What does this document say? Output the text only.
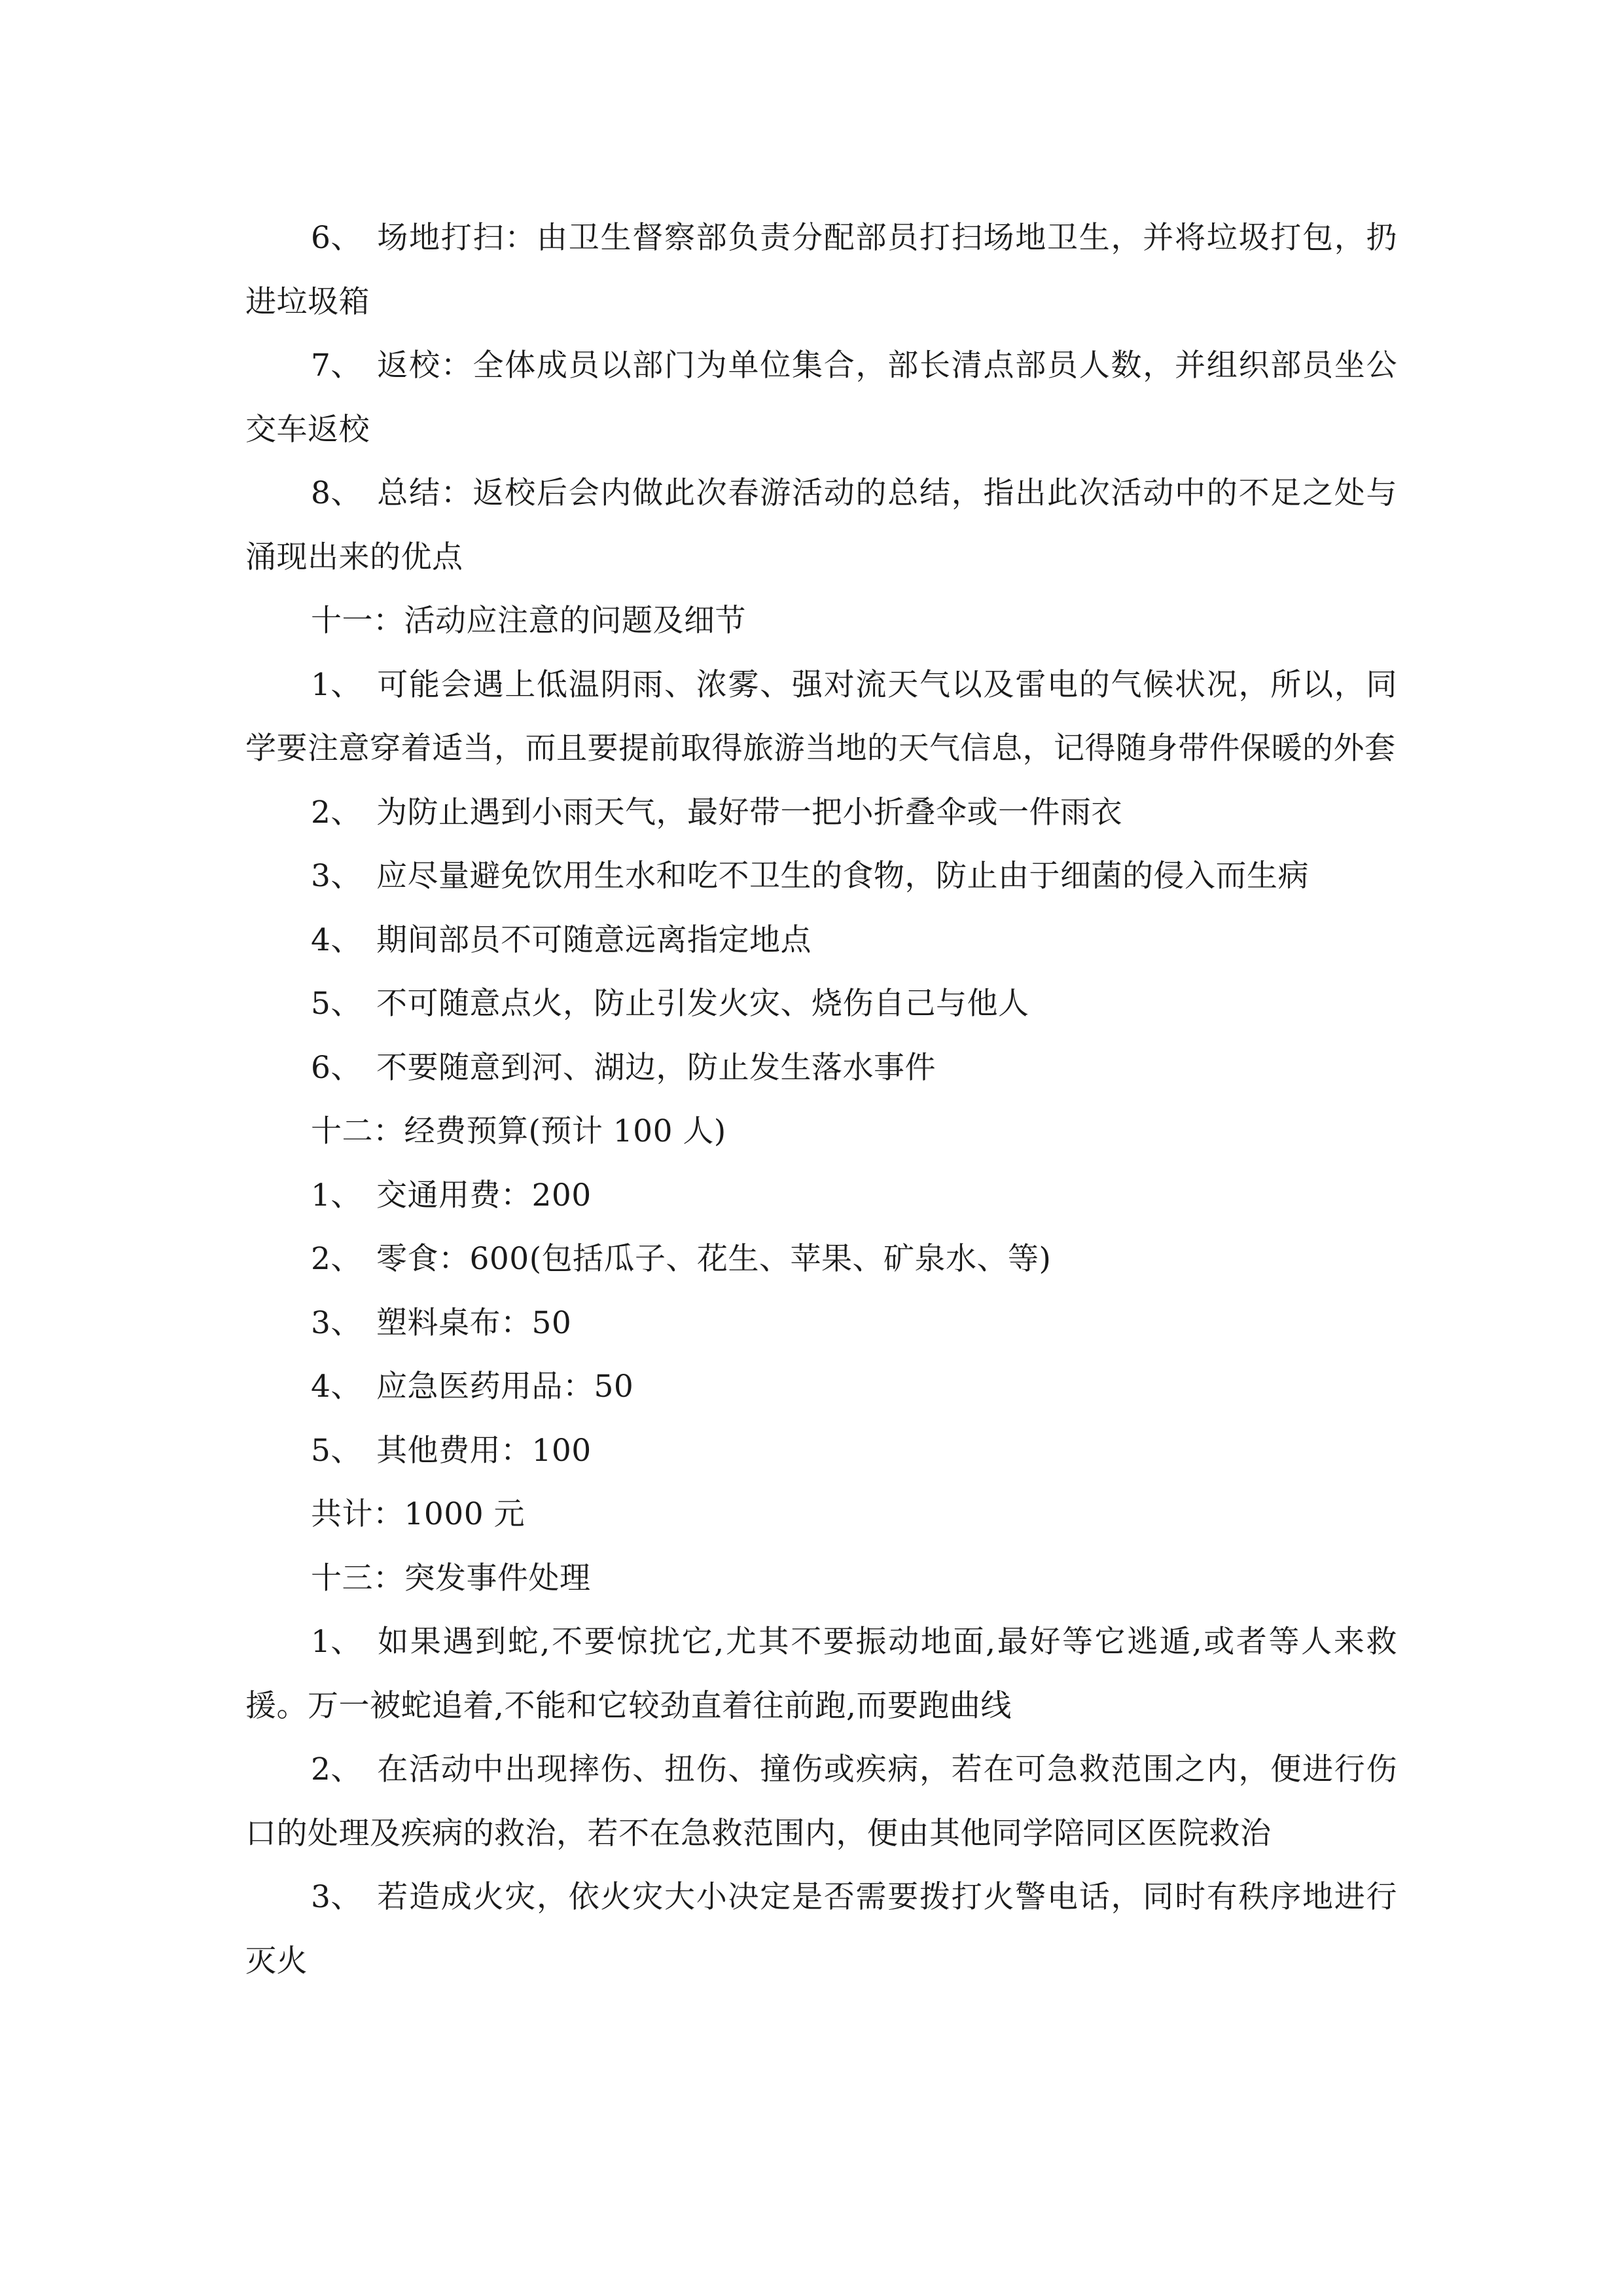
6、 场地打扫：由卫生督察部负责分配部员打扫场地卫生，并将垃圾打包，扔进垃圾箱

7、 返校：全体成员以部门为单位集合，部长清点部员人数，并组织部员坐公交车返校

8、 总结：返校后会内做此次春游活动的总结，指出此次活动中的不足之处与涌现出来的优点

十一：活动应注意的问题及细节

1、 可能会遇上低温阴雨、浓雾、强对流天气以及雷电的气候状况，所以，同学要注意穿着适当，而且要提前取得旅游当地的天气信息，记得随身带件保暖的外套

2、 为防止遇到小雨天气，最好带一把小折叠伞或一件雨衣

3、 应尽量避免饮用生水和吃不卫生的食物，防止由于细菌的侵入而生病

4、 期间部员不可随意远离指定地点

5、 不可随意点火，防止引发火灾、烧伤自己与他人

6、 不要随意到河、湖边，防止发生落水事件

十二：经费预算(预计 100 人)

1、 交通用费：200

2、 零食：600(包括瓜子、花生、苹果、矿泉水、等)

3、 塑料桌布：50

4、 应急医药用品：50

5、 其他费用：100

共计：1000 元

十三：突发事件处理

1、 如果遇到蛇,不要惊扰它,尤其不要振动地面,最好等它逃遁,或者等人来救援。万一被蛇追着,不能和它较劲直着往前跑,而要跑曲线

2、 在活动中出现摔伤、扭伤、撞伤或疾病，若在可急救范围之内，便进行伤口的处理及疾病的救治，若不在急救范围内，便由其他同学陪同区医院救治

3、 若造成火灾，依火灾大小决定是否需要拨打火警电话，同时有秩序地进行灭火
